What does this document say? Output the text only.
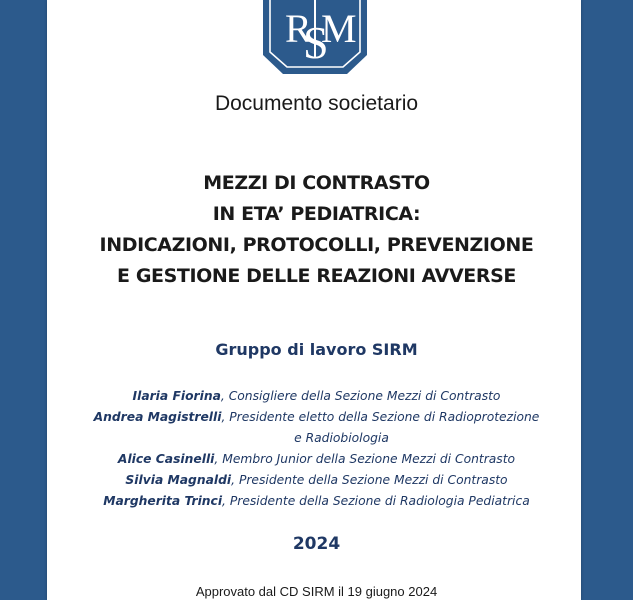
R M
S
Documento societario
MEZZI DI CONTRASTO
IN ETA’ PEDIATRICA:
INDICAZIONI, PROTOCOLLI, PREVENZIONE
E GESTIONE DELLE REAZIONI AVVERSE
Gruppo di lavoro SIRM
Ilaria Fiorina, Consigliere della Sezione Mezzi di Contrasto
Andrea Magistrelli, Presidente eletto della Sezione di Radioprotezione
e Radiobiologia
Alice Casinelli, Membro Junior della Sezione Mezzi di Contrasto
Silvia Magnaldi, Presidente della Sezione Mezzi di Contrasto
Margherita Trinci, Presidente della Sezione di Radiologia Pediatrica
2024
Approvato dal CD SIRM il 19 giugno 2024
